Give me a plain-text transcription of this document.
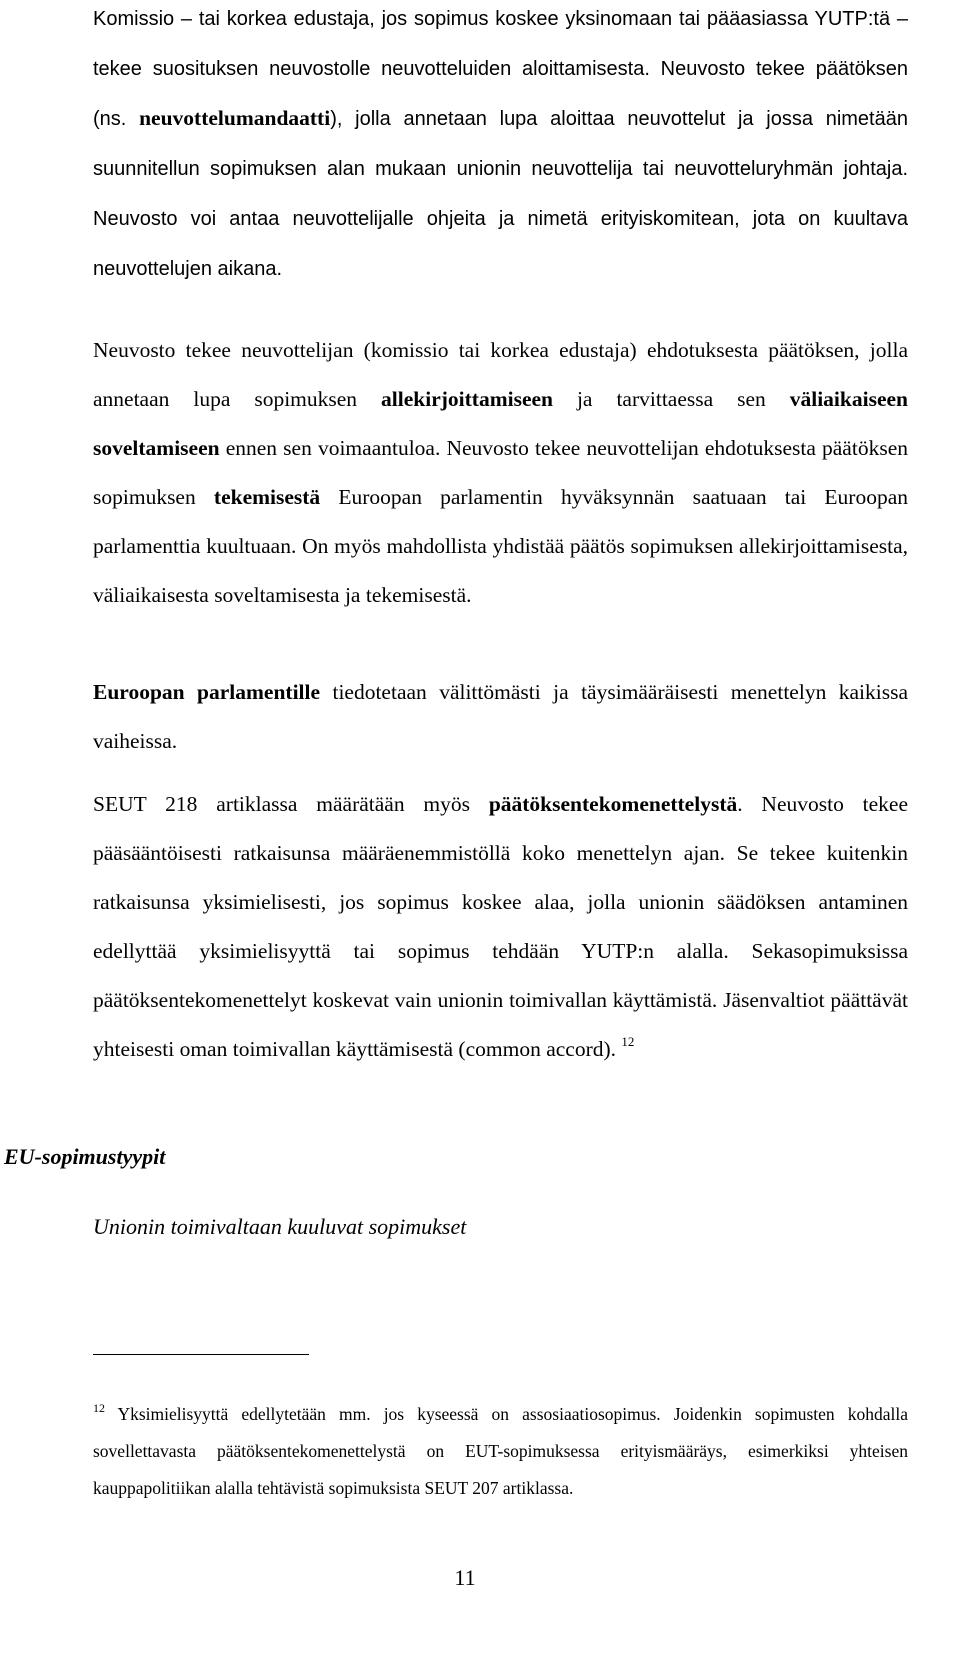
Komissio – tai korkea edustaja, jos sopimus koskee yksinomaan tai pääasiassa YUTP:tä – tekee suosituksen neuvostolle neuvotteluiden aloittamisesta. Neuvosto tekee päätöksen (ns. neuvottelumandaatti), jolla annetaan lupa aloittaa neuvottelut ja jossa nimetään suunnitellun sopimuksen alan mukaan unionin neuvottelija tai neuvotteluryhmän johtaja. Neuvosto voi antaa neuvottelijalle ohjeita ja nimetä erityiskomitean, jota on kuultava neuvottelujen aikana.

Neuvosto tekee neuvottelijan (komissio tai korkea edustaja) ehdotuksesta päätöksen, jolla annetaan lupa sopimuksen allekirjoittamiseen ja tarvittaessa sen väliaikaiseen soveltamiseen ennen sen voimaantuloa. Neuvosto tekee neuvottelijan ehdotuksesta päätöksen sopimuksen tekemisestä Euroopan parlamentin hyväksynnän saatuaan tai Euroopan parlamenttia kuultuaan. On myös mahdollista yhdistää päätös sopimuksen allekirjoittamisesta, väliaikaisesta soveltamisesta ja tekemisestä.

Euroopan parlamentille tiedotetaan välittömästi ja täysimääräisesti menettelyn kaikissa vaiheissa.

SEUT 218 artiklassa määrätään myös päätöksentekomenettelystä. Neuvosto tekee pääsääntöisesti ratkaisunsa määräenemmistöllä koko menettelyn ajan. Se tekee kuitenkin ratkaisunsa yksimielisesti, jos sopimus koskee alaa, jolla unionin säädöksen antaminen edellyttää yksimielisyyttä tai sopimus tehdään YUTP:n alalla. Sekasopimuksissa päätöksentekomenettelyt koskevat vain unionin toimivallan käyttämistä. Jäsenvaltiot päättävät yhteisesti oman toimivallan käyttämisestä (common accord). $^{12}$

EU-sopimustyypit
Unionin toimivaltaan kuuluvat sopimukset

$^{12}$ Yksimielisyyttä edellytetään mm. jos kyseessä on assosiaatiosopimus. Joidenkin sopimusten kohdalla sovellettavasta päätöksentekomenettelystä on EUT-sopimuksessa erityismääräys, esimerkiksi yhteisen kauppapolitiikan alalla tehtävistä sopimuksista SEUT 207 artiklassa.

11
